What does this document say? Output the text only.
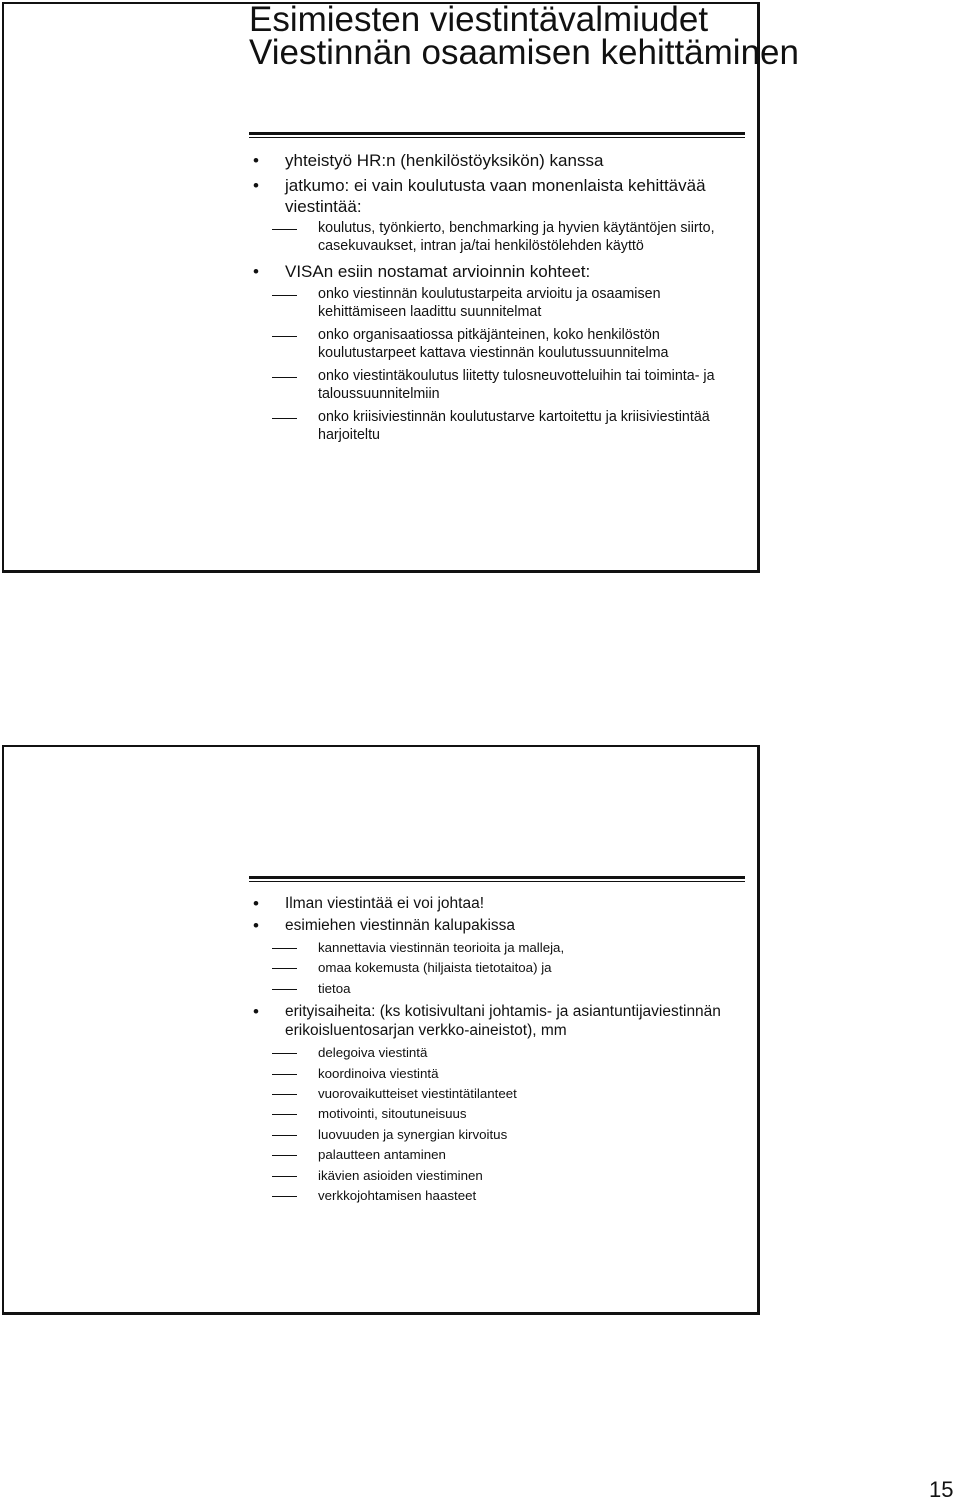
Viestinnän osaamisen kehittäminen
• yhteistyö HR:n (henkilöstöyksikön) kanssa
• jatkumo: ei vain koulutusta vaan monenlaista kehittävää viestintää:
koulutus, työnkierto, benchmarking ja hyvien käytäntöjen siirto, casekuvaukset, intran ja/tai henkilöstölehden käyttö
• VISAn esiin nostamat arvioinnin kohteet:
onko viestinnän koulutustarpeita arvioitu ja osaamisen kehittämiseen laadittu suunnitelmat
onko organisaatiossa pitkäjänteinen, koko henkilöstön koulutustarpeet kattava viestinnän koulutussuunnitelma
onko viestintäkoulutus liitetty tulosneuvotteluihin tai toiminta- ja taloussuunnitelmiin
onko kriisiviestinnän koulutustarve kartoitettu ja kriisiviestintää harjoiteltu
Esimiesten viestintävalmiudet
• Ilman viestintää ei voi johtaa!
• esimiehen viestinnän kalupakissa
kannettavia viestinnän teorioita ja malleja,
omaa kokemusta (hiljaista tietotaitoa) ja
tietoa
• erityisaiheita: (ks kotisivultani johtamis- ja asiantuntijaviestinnän erikoisluentosarjan verkko-aineistot), mm
delegoiva viestintä
koordinoiva viestintä
vuorovaikutteiset viestintätilanteet
motivointi, sitoutuneisuus
luovuuden ja synergian kirvoitus
palautteen antaminen
ikävien asioiden viestiminen
verkkojohtamisen haasteet
15
